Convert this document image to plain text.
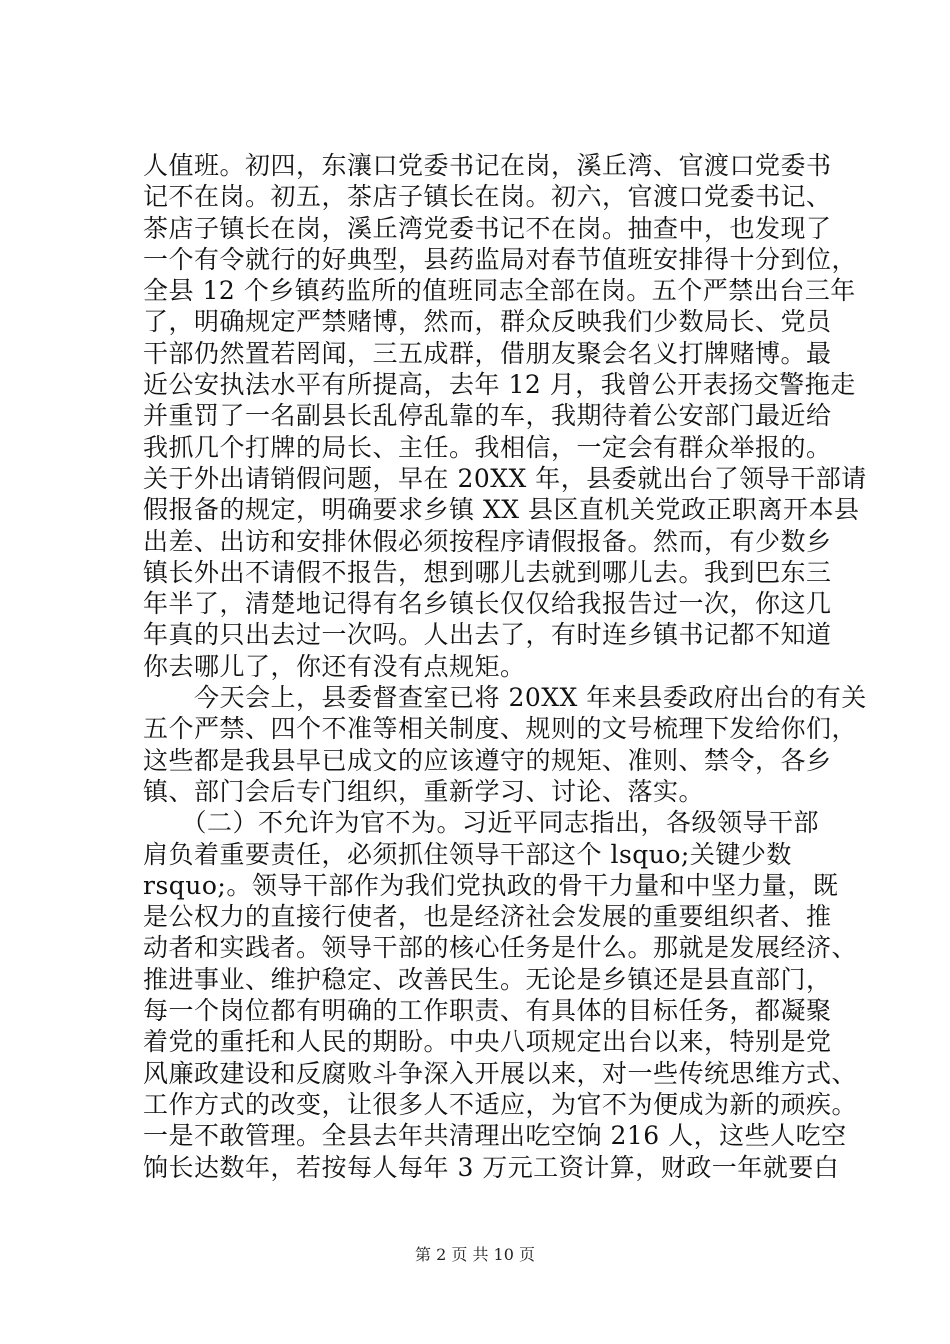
人值班。初四，东瀼口党委书记在岗，溪丘湾、官渡口党委书
记不在岗。初五，茶店子镇长在岗。初六，官渡口党委书记、
茶店子镇长在岗，溪丘湾党委书记不在岗。抽查中，也发现了
一个有令就行的好典型，县药监局对春节值班安排得十分到位，
全县 12 个乡镇药监所的值班同志全部在岗。五个严禁出台三年
了，明确规定严禁赌博，然而，群众反映我们少数局长、党员
干部仍然置若罔闻，三五成群，借朋友聚会名义打牌赌博。最
近公安执法水平有所提高，去年 12 月，我曾公开表扬交警拖走
并重罚了一名副县长乱停乱靠的车，我期待着公安部门最近给
我抓几个打牌的局长、主任。我相信，一定会有群众举报的。
关于外出请销假问题，早在 20XX 年，县委就出台了领导干部请
假报备的规定，明确要求乡镇 XX 县区直机关党政正职离开本县
出差、出访和安排休假必须按程序请假报备。然而，有少数乡
镇长外出不请假不报告，想到哪儿去就到哪儿去。我到巴东三
年半了，清楚地记得有名乡镇长仅仅给我报告过一次，你这几
年真的只出去过一次吗。人出去了，有时连乡镇书记都不知道
你去哪儿了，你还有没有点规矩。
　　今天会上，县委督查室已将 20XX 年来县委政府出台的有关
五个严禁、四个不准等相关制度、规则的文号梳理下发给你们，
这些都是我县早已成文的应该遵守的规矩、准则、禁令，各乡
镇、部门会后专门组织，重新学习、讨论、落实。
　　（二）不允许为官不为。习近平同志指出，各级领导干部
肩负着重要责任，必须抓住领导干部这个 lsquo;关键少数
rsquo;。领导干部作为我们党执政的骨干力量和中坚力量，既
是公权力的直接行使者，也是经济社会发展的重要组织者、推
动者和实践者。领导干部的核心任务是什么。那就是发展经济、
推进事业、维护稳定、改善民生。无论是乡镇还是县直部门，
每一个岗位都有明确的工作职责、有具体的目标任务，都凝聚
着党的重托和人民的期盼。中央八项规定出台以来，特别是党
风廉政建设和反腐败斗争深入开展以来，对一些传统思维方式、
工作方式的改变，让很多人不适应，为官不为便成为新的顽疾。
一是不敢管理。全县去年共清理出吃空饷 216 人，这些人吃空
饷长达数年，若按每人每年 3 万元工资计算，财政一年就要白
第 2 页 共 10 页
